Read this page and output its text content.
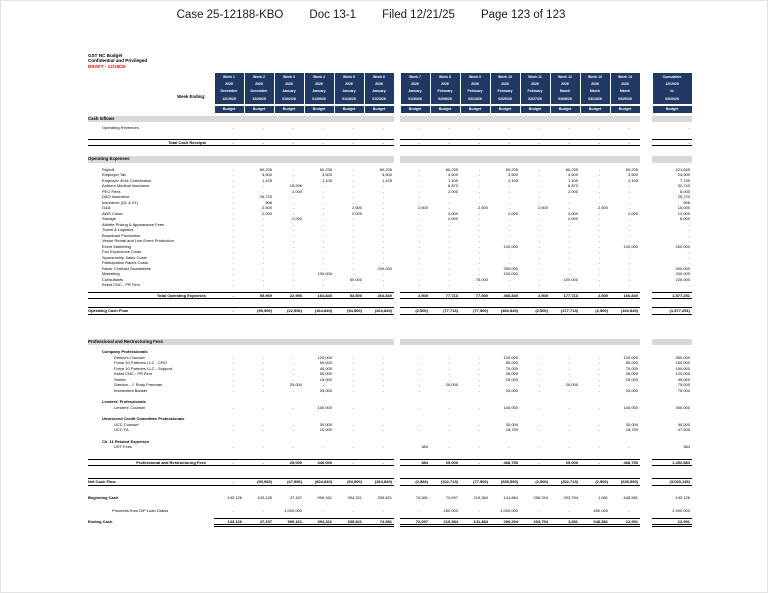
Case 25-12188-KBO Doc 13-1 Filed 12/21/25 Page 123 of 123
GST NC Budget
Confidential and Privileged
DRAFT - 12/19/25
Week Ending:	
Week 1
2025
December
12/19/25

Week 2
2025
December
12/26/25

Week 3
2026
January
01/02/26

Week 4
2026
January
01/09/26

Week 5
2026
January
01/16/26

Week 6
2026
January
01/23/26

Week 7
2026
January
01/30/26

Week 8
2026
February
02/06/26

Week 9
2026
February
02/13/26

Week 10
2026
February
02/20/26

Week 11
2026
February
02/27/26

Week 12
2026
March
03/06/26

Week 13
2026
March
03/13/26

Week 14
2026
March
03/20/26

Cumulative
12/19/25
to
03/20/26

	Budget	Budget	Budget	Budget	Budget	Budget		Budget	Budget	Budget	Budget	Budget	Budget	Budget	Budget		Budget

Cash Inflows																	

Operating Revenues	-	-	-	-	-	-		-	-	-	-	-	-	-	-		-

Total Cash Receipts	-	-	-	-	-	-		-	-	-	-	-	-	-	-		-

Operating Expenses																	

Payroll	-	60,235	-	60,235	-	60,235		-	60,235	-	60,235	-	60,235	-	60,235		421,645
Employer Tax	-	3,500	-	3,500	-	3,500		-	3,500	-	3,500	-	3,500	-	3,500		24,500
Employer 401k Contribution	-	1,105	-	1,105	-	1,105		-	1,105	-	1,105	-	1,105	-	1,105		7,735
Anthem Medical Insurance	-	-	18,996	-	-	-		-	6,873	-	-	-	6,873	-	-		32,742
PEO Fees	-	-	2,000	-	-	-		-	2,000	-	-	-	2,000	-	-		6,000
D&O Insurance	-	25,723	-	-	-	-		-	-	-	-	-	-	-	-		25,723
Insurance (GL & EL)	-	906	-	-	-	-		-	-	-	-	-	-	-	-		906
G&A	-	2,500	-	-	2,500	-		2,500	-	2,500	-	2,500	-	2,500	-		15,000
AWS Cloud	-	2,000	-	-	2,000	-		-	2,000	-	2,000	-	2,000	-	2,000		12,000
Storage	-	-	2,000	-	-	-		-	2,000	-	-	-	2,000	-	-		6,000
Athlete Prizing & Appearance Fees	-	-	-	-	-	-		-	-	-	-	-	-	-	-		-
Travel & Logistics	-	-	-	-	-	-		-	-	-	-	-	-	-	-		-
Broadcast Production	-	-	-	-	-	-		-	-	-	-	-	-	-	-		-
Venue Rental and Live Event Production	-	-	-	-	-	-		-	-	-	-	-	-	-	-		-
Event Marketing	-	-	-	-	-	-		-	-	-	100,000	-	-	-	100,000		200,000
Fan Experience Costs	-	-	-	-	-	-		-	-	-	-	-	-	-	-		-
Sponsorship Sales Costs	-	-	-	-	-	-		-	-	-	-	-	-	-	-		-
Participation Races Costs	-	-	-	-	-	-		-	-	-	-	-	-	-	-		-
Racer Contract Guarantees	-	-	-	-	-	200,000		-	-	-	200,000	-	-	-	-		400,000
Marketing	-	-	-	100,000	-	-		-	-	-	100,000	-	-	-	-		200,000
Consultants	-	-	-	-	50,000	-		-	-	75,000	-	-	100,000	-	-		225,000
Kekst CNC - PR Firm	-	-	-	-	-	-		-	-	-	-	-	-	-	-		-

Total Operating Expenses	-	95,969	22,996	164,840	54,500	264,840		2,500	77,713	77,500	466,840	2,500	177,713	2,500	166,840		1,577,251

Operating Cash Flow	-	(95,969)	(22,996)	(164,840)	(54,500)	(264,840)		(2,500)	(77,713)	(77,500)	(466,840)	(2,500)	(177,713)	(2,500)	(166,840)		(1,577,251)

Professional and Restructuring Fees																	

Company Professionals																	
Debtor's Counsel	-	-	-	120,000	-	-		-	-	-	120,000	-	-	-	120,000		360,000
Force 10 Partners LLC - CRO	-	-	-	50,000	-	-		-	-	-	50,000	-	-	-	50,000		150,000
Force 10 Partners LLC - Support	-	-	-	40,000	-	-		-	-	-	75,000	-	-	-	75,000		190,000
Kekst CNC - PR Firm	-	-	-	50,000	-	-		-	-	-	35,000	-	-	-	35,000		120,000
Stretto	-	-	-	15,000	-	-		-	-	-	15,000	-	-	-	15,000		45,000
Director - J. Rudy Freeman	-	-	25,000	-	-	-		-	25,000	-	-	-	25,000	-	-		75,000
Investment Banker	-	-	-	25,000	-	-		-	-	-	25,000	-	-	-	25,000		75,000

Lenders' Professionals																	
Lenders' Counsel	-	-	-	100,000	-	-		-	-	-	100,000	-	-	-	100,000		300,000

Unsecured Credit Committee Professionals																	
UCC Counsel	-	-	-	30,000	-	-		-	-	-	30,000	-	-	-	30,000		90,000
UCC FA	-	-	-	10,000	-	-		-	-	-	18,750	-	-	-	18,750		47,500

Ch. 11 Related Expenses																	
UST Fees	-	-	-	-	-	-		384	-	-	-	-	-	-	-		384

Professional and Restructuring Fees	-	-	25,000	440,000	-	-		384	25,000	-	468,750	-	25,000	-	468,750		1,452,884

Net Cash Flow	-	(95,969)	(47,996)	(604,840)	(54,500)	(264,840)		(2,884)	(102,713)	(77,500)	(935,590)	(2,500)	(202,713)	(2,500)	(635,590)		(3,030,135)

Beginning Cash	143,126	143,126	47,157	999,161	394,321	339,821		74,981	72,097	219,384	141,884	206,294	203,794	1,081	648,581		143,126

Proceeds from DIP Loan Draws	-	-	1,000,000	-	-	-		-	250,000	-	1,000,000	-	-	650,000	-		2,900,000

Ending Cash	143,126	47,157	999,161	394,321	339,821	74,981		72,097	219,384	141,884	206,294	203,794	1,081	648,581	12,991		12,991
